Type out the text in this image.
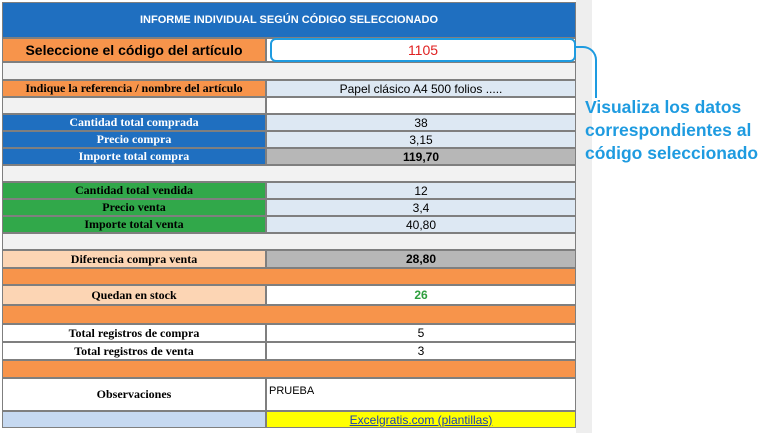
INFORME INDIVIDUAL SEGÚN CÓDIGO SELECCIONADO
Seleccione el código del artículo	1105
Indique la referencia / nombre del artículo	Papel clásico A4 500 folios .....
Cantidad total comprada	38
Precio compra	3,15
Importe total compra	119,70
Cantidad total vendida	12
Precio venta	3,4
Importe total venta	40,80
Diferencia compra venta	28,80
Quedan en stock	26
Total registros de compra	5
Total registros de venta	3
Observaciones	PRUEBA
Excelgratis.com (plantillas)
Visualiza los datos correspondientes al código seleccionado
